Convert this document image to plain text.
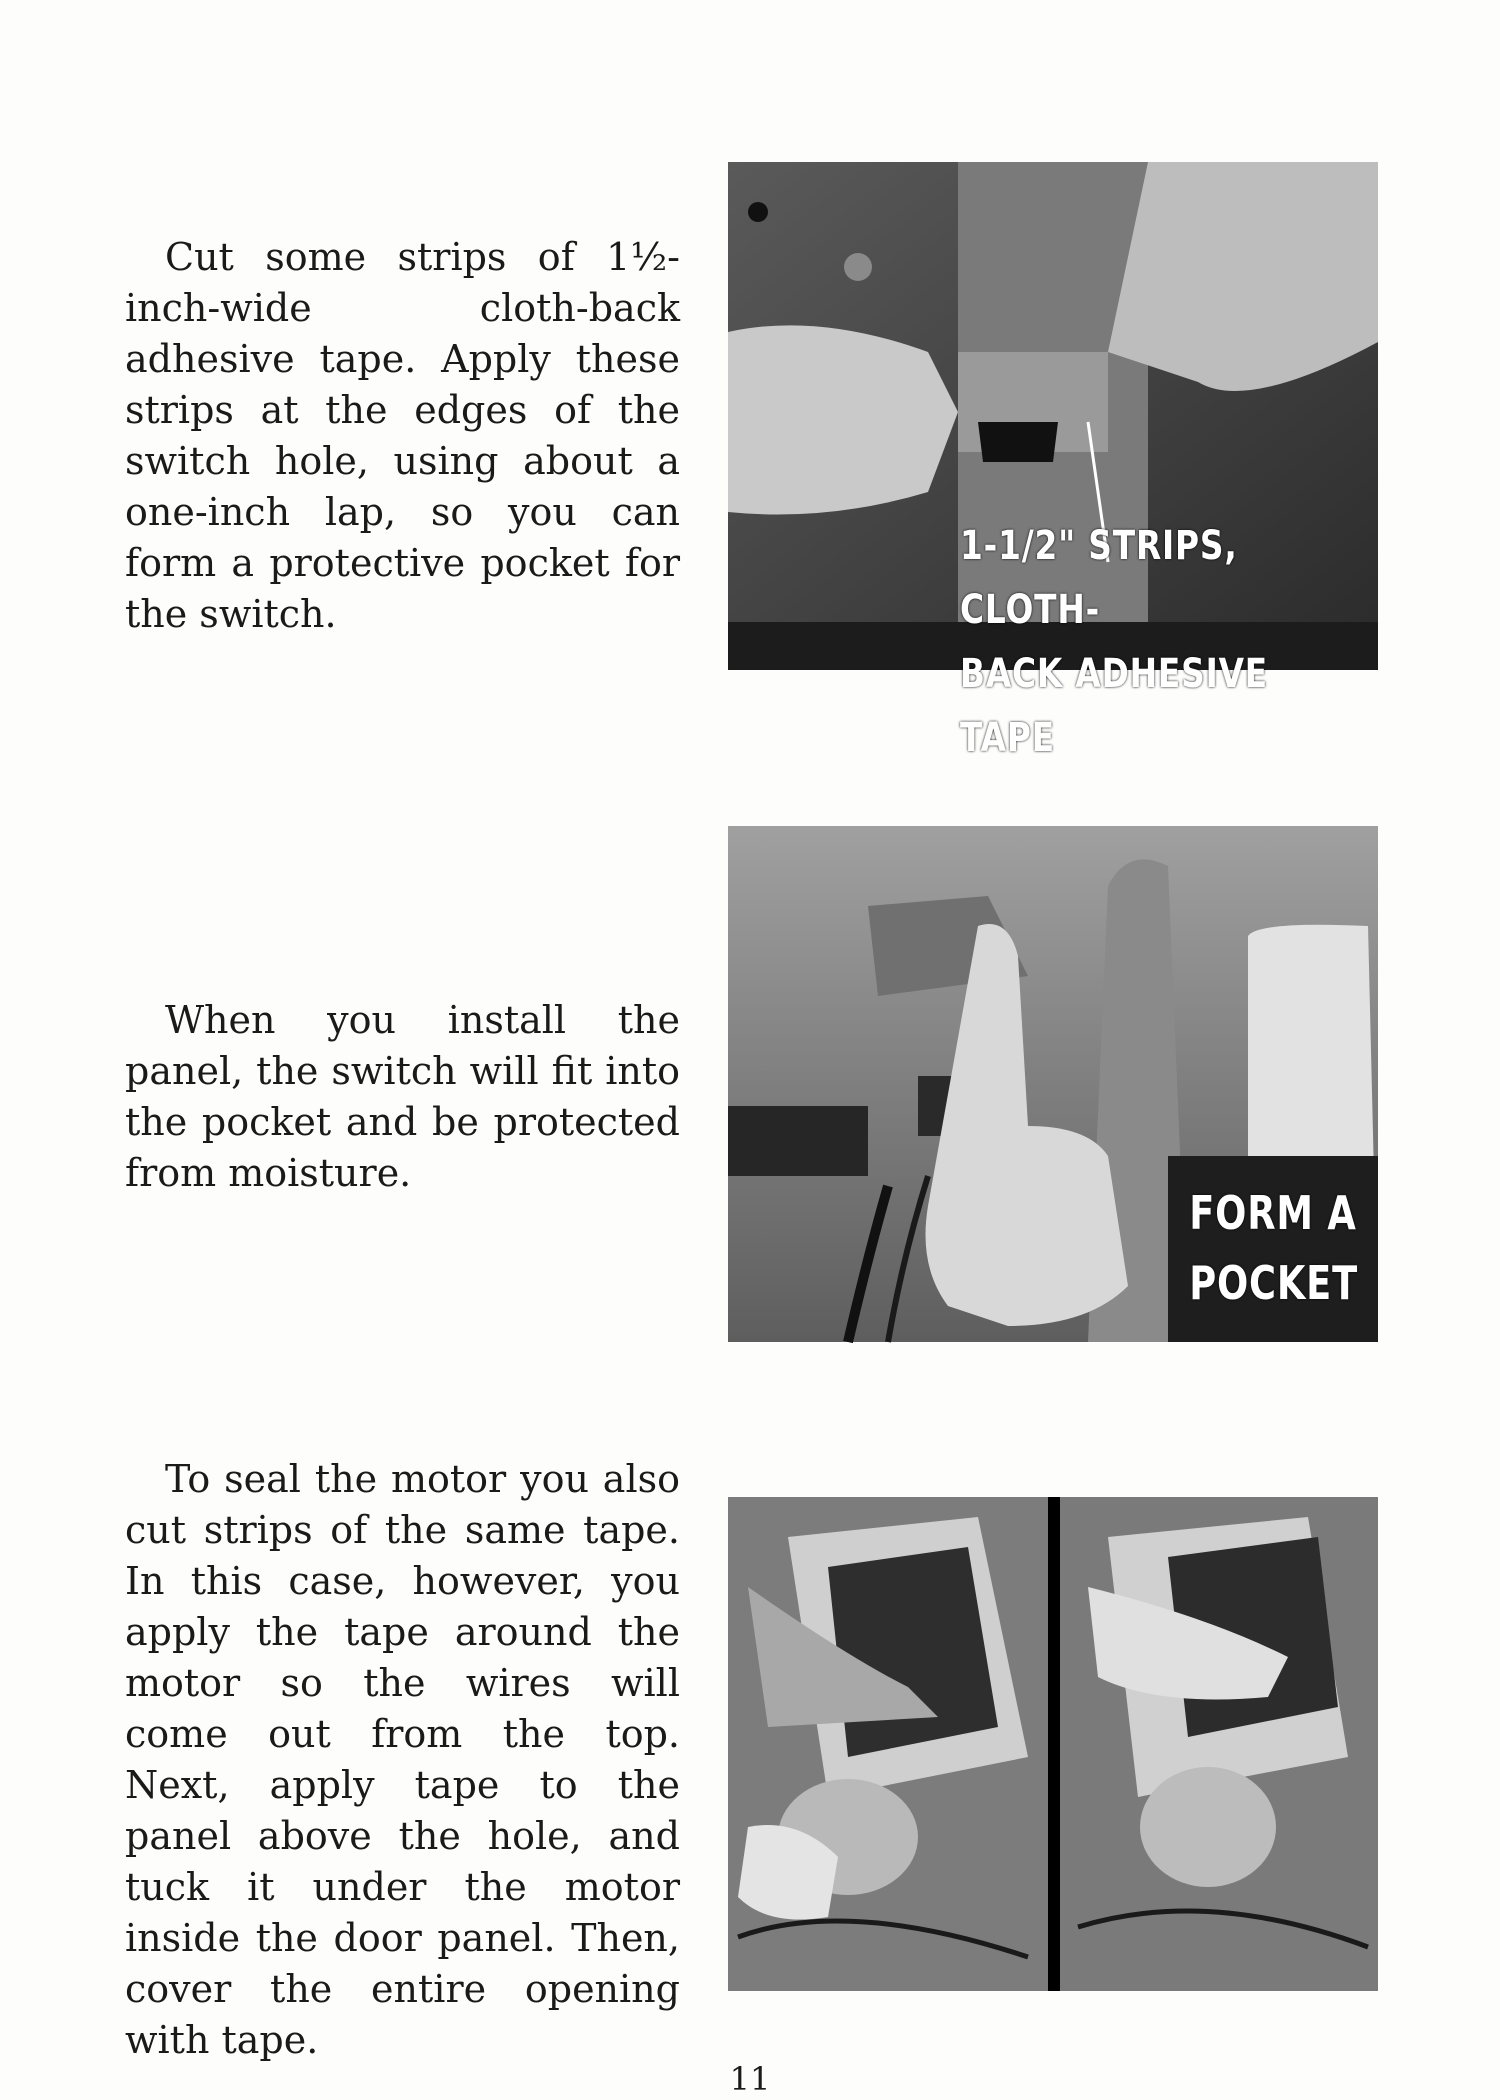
Cut some strips of 1½-inch-wide cloth-back adhesive tape. Apply these strips at the edges of the switch hole, using about a one-inch lap, so you can form a protective pocket for the switch.

1-1/2" STRIPS, CLOTH-
BACK ADHESIVE TAPE

When you install the panel, the switch will fit into the pocket and be protected from moisture.

FORM A
POCKET

To seal the motor you also cut strips of the same tape. In this case, however, you apply the tape around the motor so the wires will come out from the top. Next, apply tape to the panel above the hole, and tuck it under the motor inside the door panel. Then, cover the entire opening with tape.

11
